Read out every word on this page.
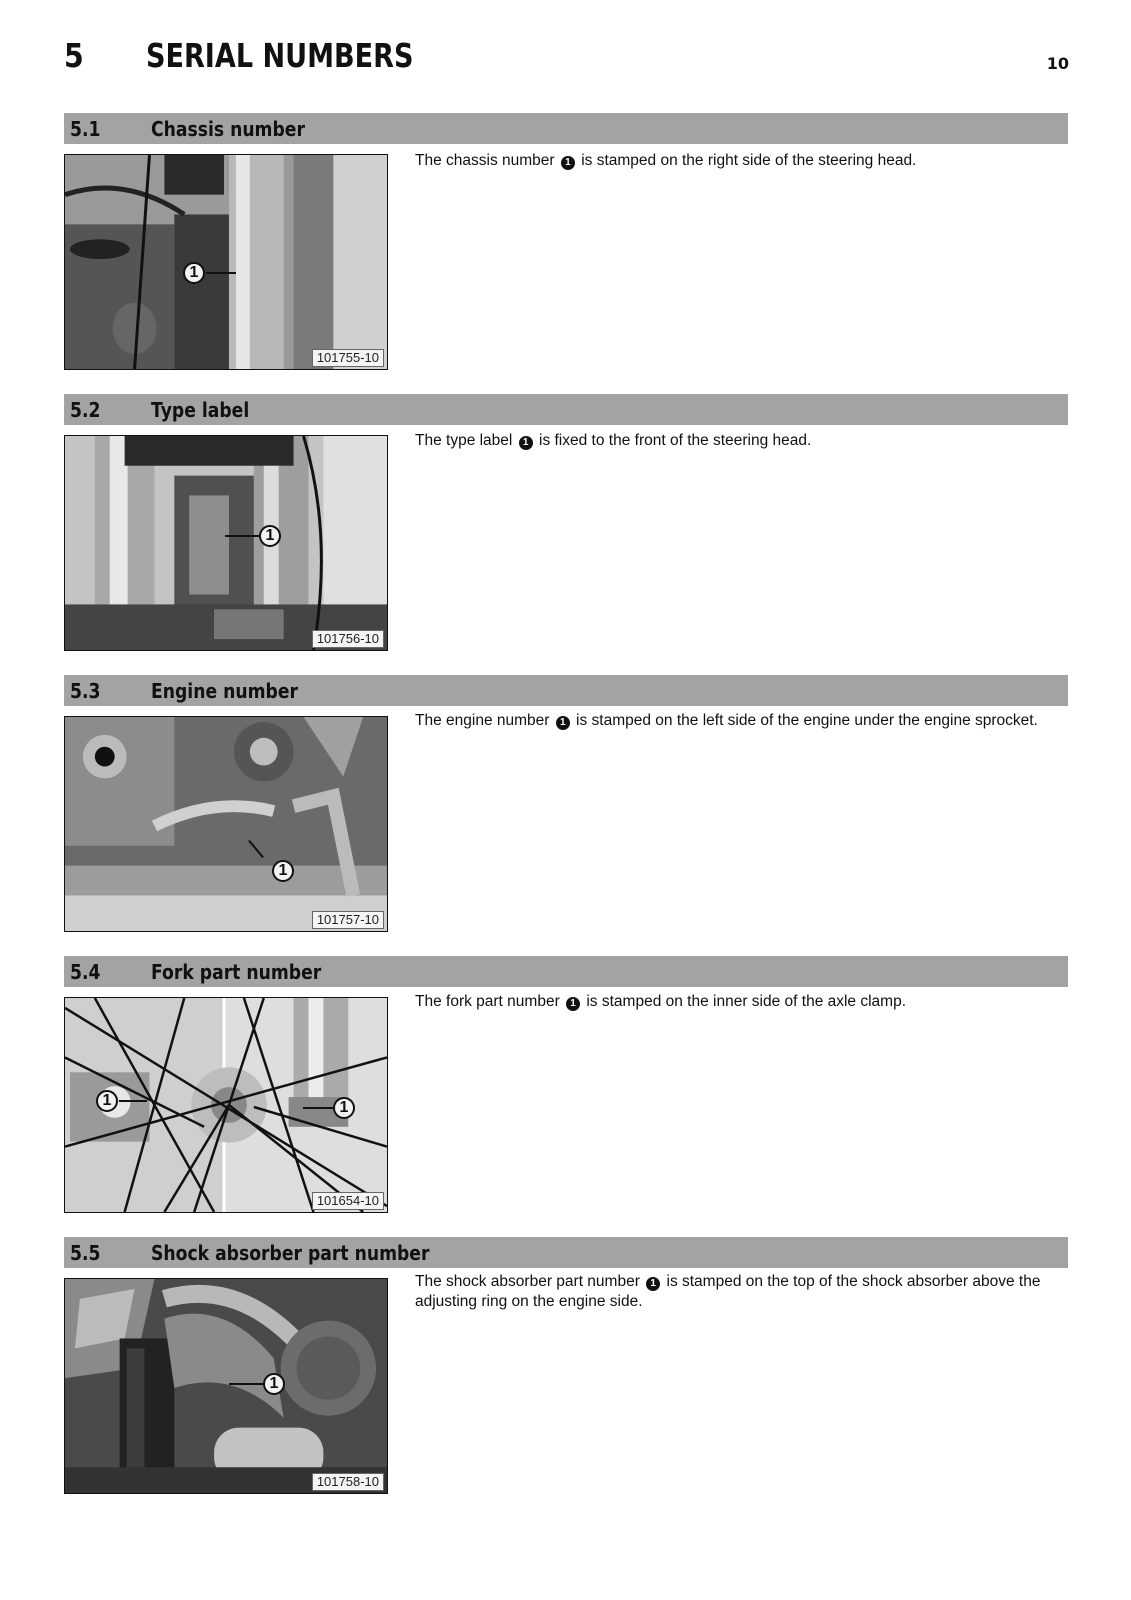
5 SERIAL NUMBERS	10
5.1	Chassis number
1
101755-10
The chassis number 1 is stamped on the right side of the steering head.
5.2	Type label
1
101756-10
The type label 1 is fixed to the front of the steering head.
5.3	Engine number
1
101757-10
The engine number 1 is stamped on the left side of the engine under the engine sprocket.
5.4	Fork part number
1	1
101654-10
The fork part number 1 is stamped on the inner side of the axle clamp.
5.5	Shock absorber part number
1
101758-10
The shock absorber part number 1 is stamped on the top of the shock absorber above the adjusting ring on the engine side.
